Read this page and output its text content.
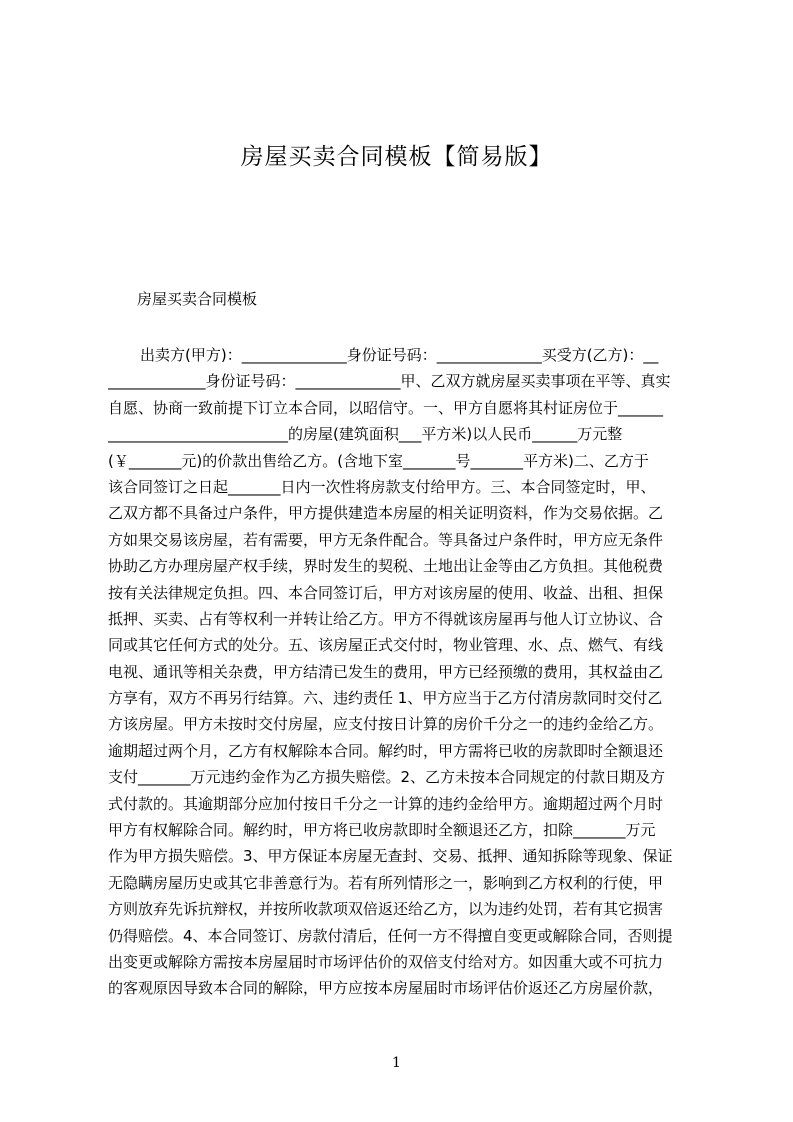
房屋买卖合同模板【简易版】
房屋买卖合同模板
出卖方(甲方)：______________身份证号码：______________买受方(乙方)：__
_____________身份证号码：______________甲、乙双方就房屋买卖事项在平等、真实
自愿、协商一致前提下订立本合同，以昭信守。一、甲方自愿将其村证房位于______
________________________的房屋(建筑面积___平方米)以人民币______万元整
(￥_______元)的价款出售给乙方。(含地下室_______号_______平方米)二、乙方于
该合同签订之日起_______日内一次性将房款支付给甲方。三、本合同签定时，甲、
乙双方都不具备过户条件，甲方提供建造本房屋的相关证明资料，作为交易依据。乙
方如果交易该房屋，若有需要，甲方无条件配合。等具备过户条件时，甲方应无条件
协助乙方办理房屋产权手续，界时发生的契税、土地出让金等由乙方负担。其他税费
按有关法律规定负担。四、本合同签订后，甲方对该房屋的使用、收益、出租、担保
抵押、买卖、占有等权利一并转让给乙方。甲方不得就该房屋再与他人订立协议、合
同或其它任何方式的处分。五、该房屋正式交付时，物业管理、水、点、燃气、有线
电视、通讯等相关杂费，甲方结清已发生的费用，甲方已经预缴的费用，其权益由乙
方享有，双方不再另行结算。六、违约责任 1、甲方应当于乙方付清房款同时交付乙
方该房屋。甲方未按时交付房屋，应支付按日计算的房价千分之一的违约金给乙方。
逾期超过两个月，乙方有权解除本合同。解约时，甲方需将已收的房款即时全额退还
支付_______万元违约金作为乙方损失赔偿。2、乙方未按本合同规定的付款日期及方
式付款的。其逾期部分应加付按日千分之一计算的违约金给甲方。逾期超过两个月时
甲方有权解除合同。解约时，甲方将已收房款即时全额退还乙方，扣除_______万元
作为甲方损失赔偿。3、甲方保证本房屋无查封、交易、抵押、通知拆除等现象、保证
无隐瞒房屋历史或其它非善意行为。若有所列情形之一，影响到乙方权利的行使，甲
方则放弃先诉抗辩权，并按所收款项双倍返还给乙方，以为违约处罚，若有其它损害
仍得赔偿。4、本合同签订、房款付清后，任何一方不得擅自变更或解除合同，否则提
出变更或解除方需按本房屋届时市场评估价的双倍支付给对方。如因重大或不可抗力
的客观原因导致本合同的解除，甲方应按本房屋届时市场评估价返还乙方房屋价款，
1
